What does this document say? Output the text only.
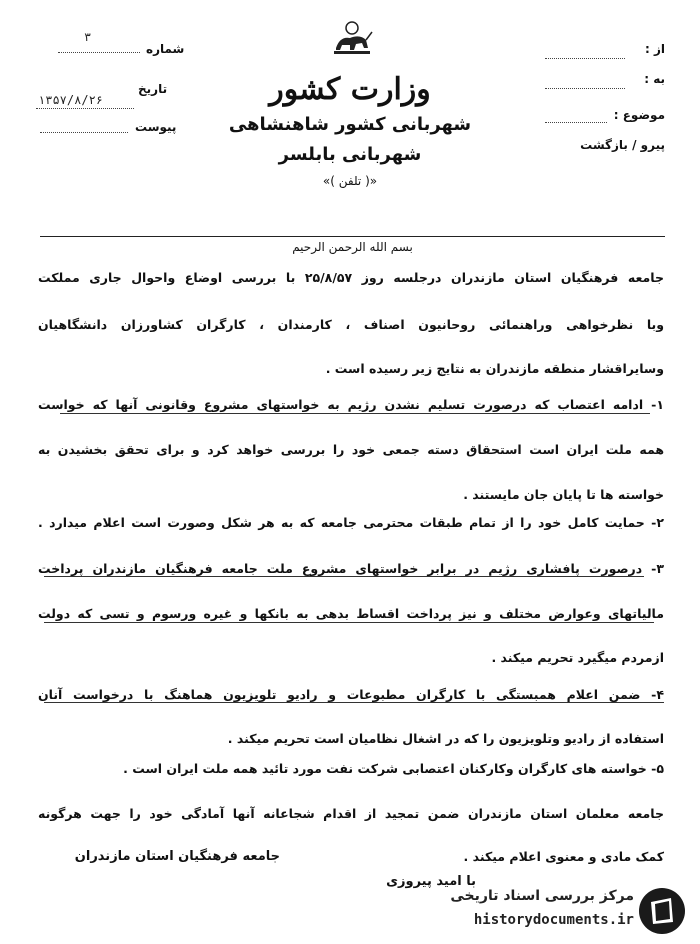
وزارت کشور
شهربانی کشور شاهنشاهی
شهربانی بابلسر
«( تلفن )»
۳
شماره
تاریخ
۱۳۵۷/۸/۲۶
پیوست
از :
به :
موضوع :
پیرو / بازگشت
بسم الله الرحمن الرحیم
جامعه فرهنگیان استان مازندران درجلسه روز ۲۵/۸/۵۷ با بررسی اوضاع واحوال جاری مملکت
وبا نظرخواهی وراهنمائی روحانیون اصناف ، کارمندان ، کارگران کشاورزان دانشگاهیان
وسایراقشار منطقه مازندران به نتایج زیر رسیده است .
۱- ادامه اعتصاب که درصورت تسلیم نشدن رژیم به خواستهای مشروع وقانونی آنها که خواست
همه ملت ایران است استحقاق دسته جمعی خود را بررسی خواهد کرد و برای تحقق بخشیدن به
خواسته ها تا پایان جان مایستند .
۲- حمایت کامل خود را از تمام طبقات محترمی جامعه که به هر شکل وصورت است اعلام میدارد .
۳- درصورت پافشاری رژیم در برابر خواستهای مشروع ملت جامعه فرهنگیان مازندران پرداخت
مالیاتهای وعوارض مختلف و نیز پرداخت اقساط بدهی به بانکها و غیره ورسوم و تسی که دولت
ازمردم میگیرد تحریم میکند .
۴- ضمن اعلام همبستگی با کارگران مطبوعات و رادیو تلویزیون هماهنگ با درخواست آنان
استفاده از رادیو وتلویزیون را که در اشغال نظامیان است تحریم میکند .
۵- خواسته های کارگران وکارکنان اعتصابی شرکت نفت مورد تائید همه ملت ایران است .
جامعه معلمان استان مازندران ضمن تمجید از اقدام شجاعانه آنها آمادگی خود را جهت هرگونه
کمک مادی و معنوی اعلام میکند .
جامعه فرهنگیان استان مازندران
با امید پیروزی
مرکز بررسی اسناد تاریخی
historydocuments.ir
